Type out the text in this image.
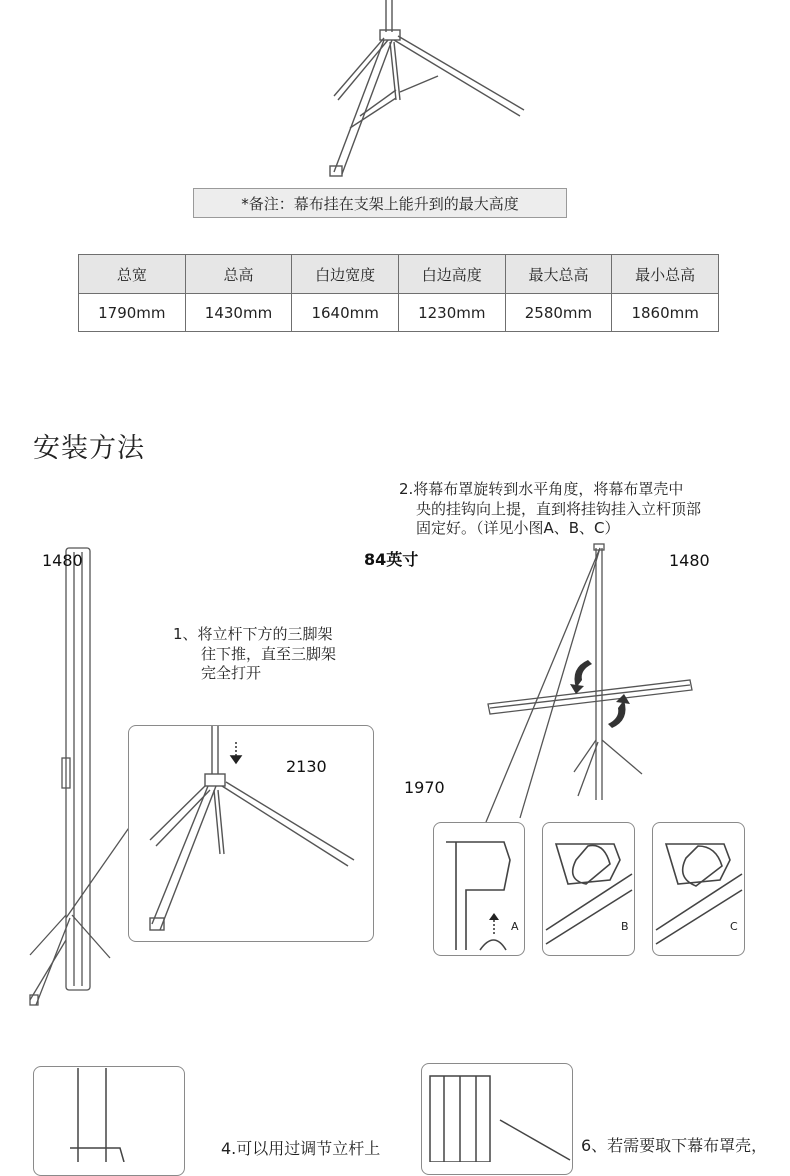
*备注：幕布挂在支架上能升到的最大高度
总宽	总高	白边宽度	白边高度	最大总高	最小总高
1790mm	1430mm	1640mm	1230mm	2580mm	1860mm
安装方法
1480
1、将立杆下方的三脚架
往下推，直至三脚架
完全打开
2130
2.将幕布罩旋转到水平角度，将幕布罩壳中
央的挂钩向上提，直到将挂钩挂入立杆顶部
固定好。（详见小图A、B、C）
84英寸	1480
1970
A	B	C
4.可以用过调节立杆上	6、若需要取下幕布罩壳，
